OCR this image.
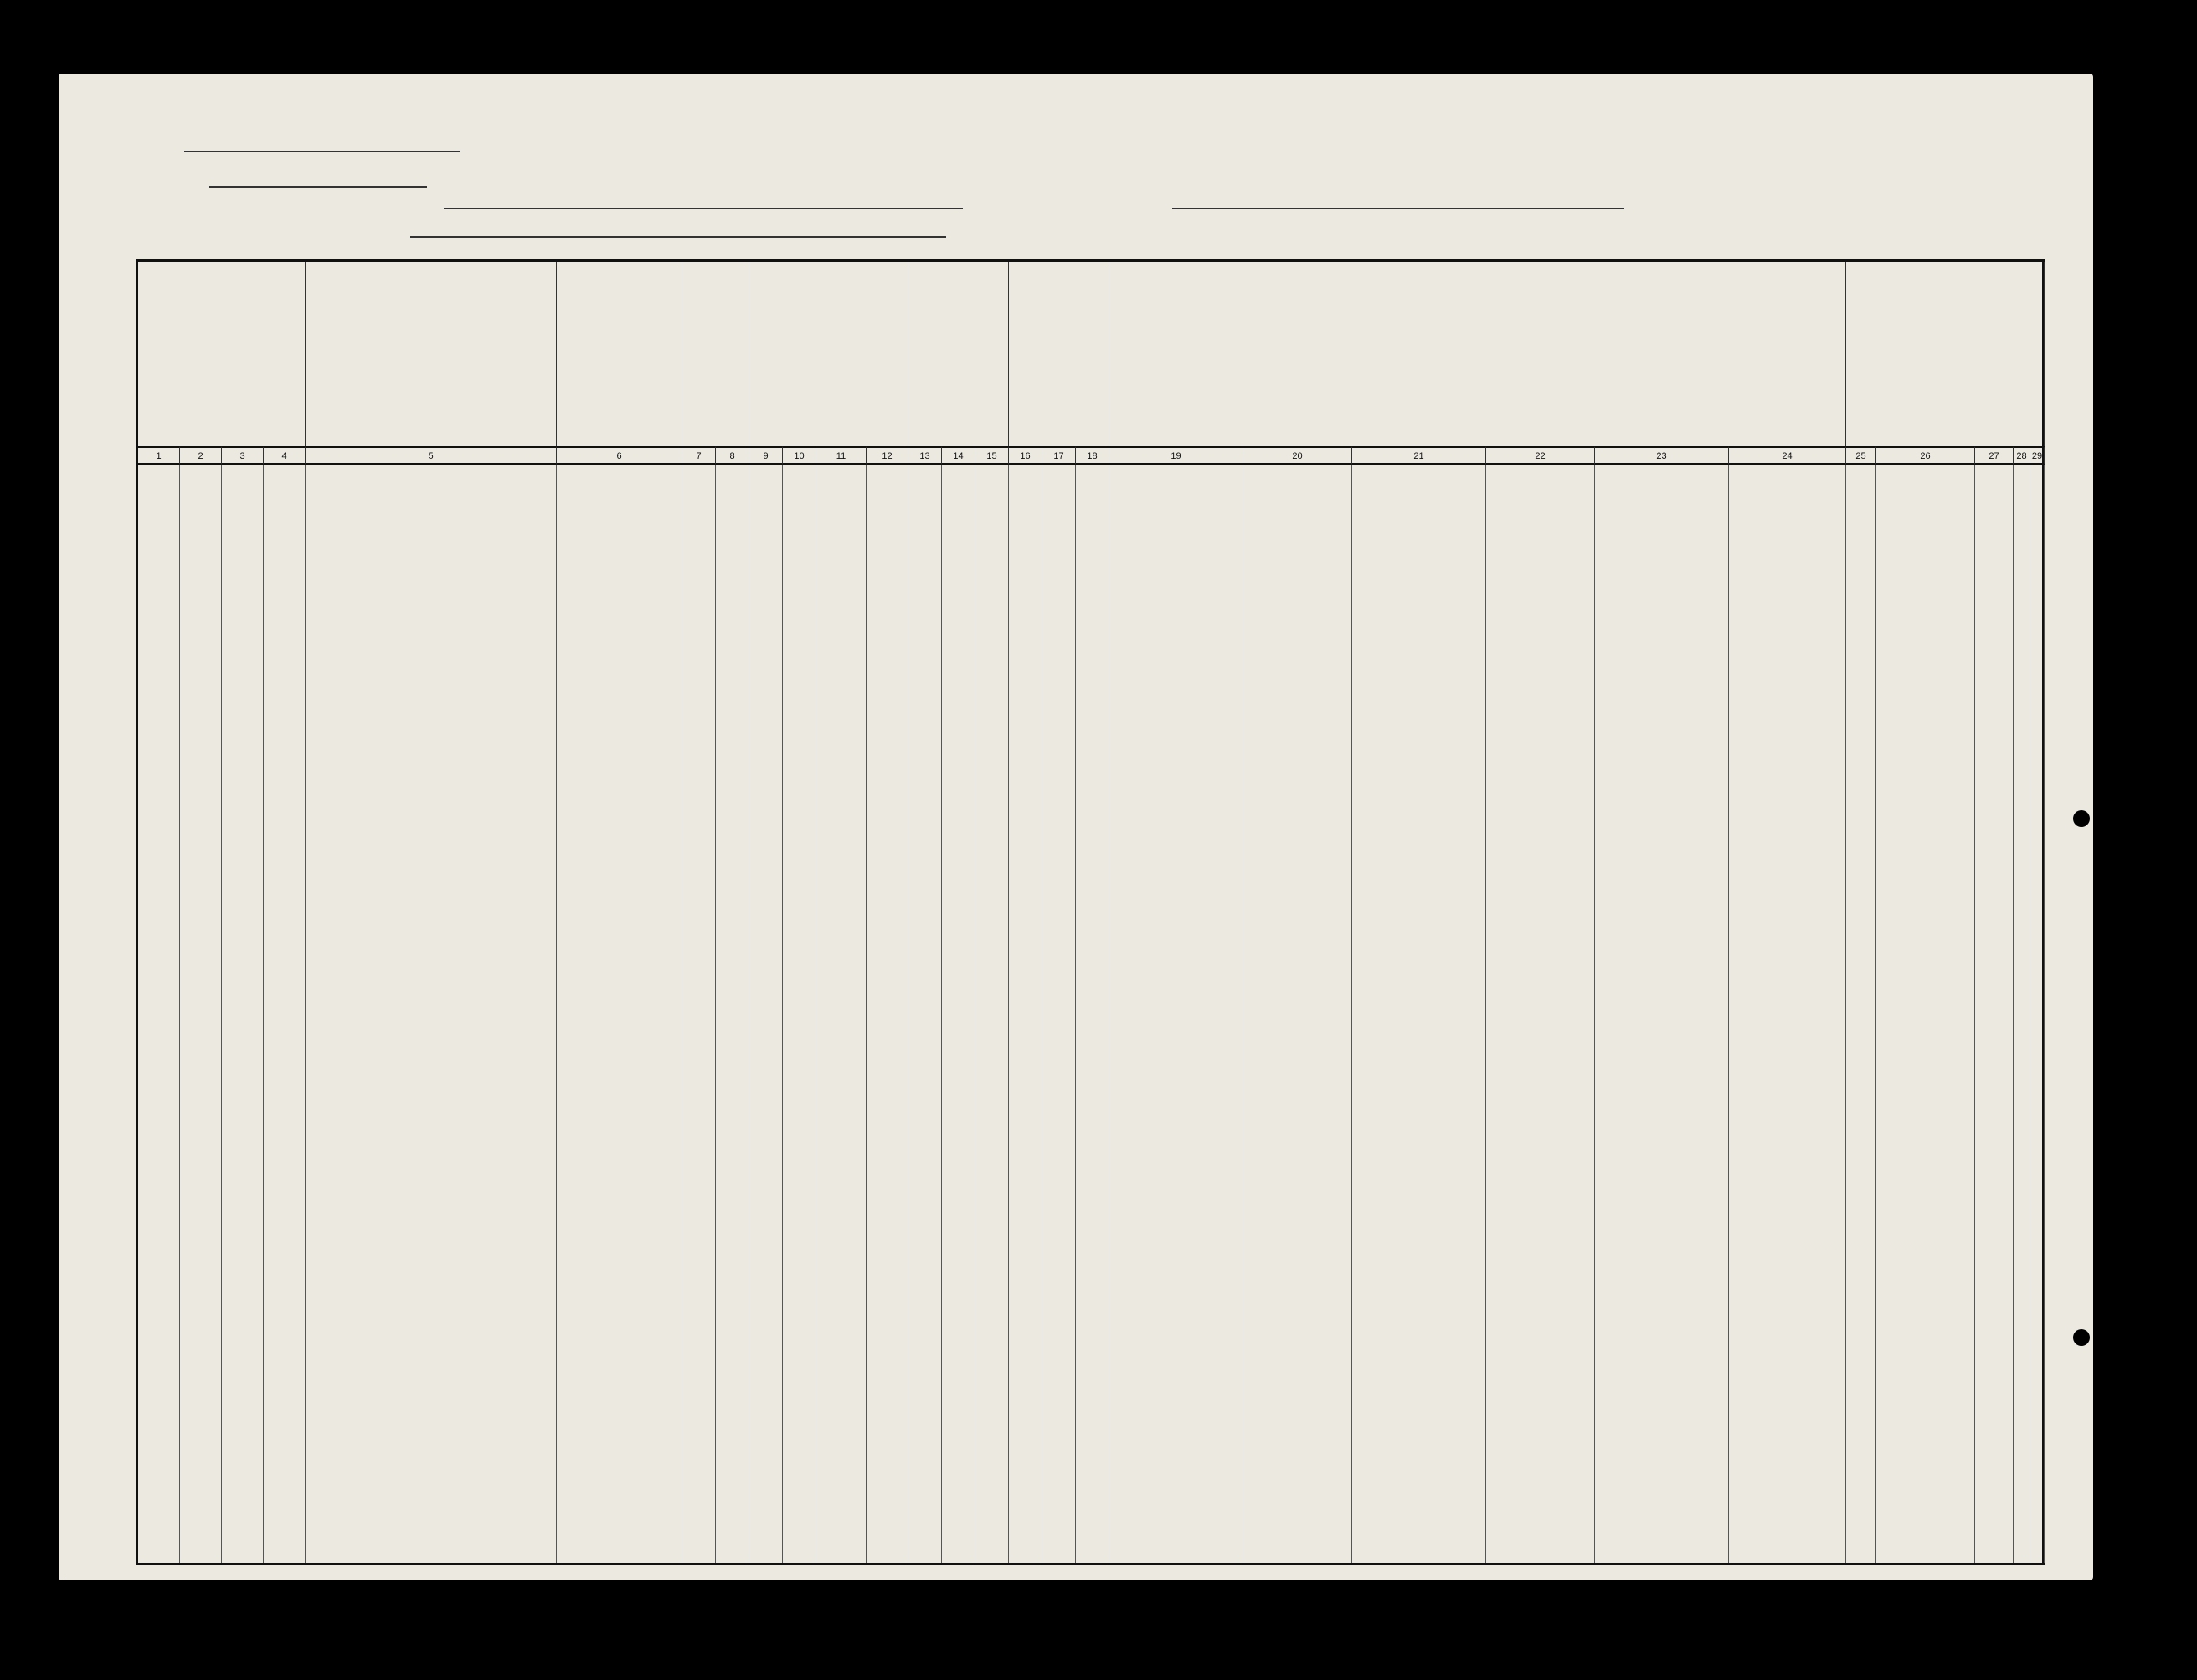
1	2	3	4	5	6	7	8	9	10	11	12	13	14	15	16	17	18	19	20	21	22	23	24	25	26	27	28 29
